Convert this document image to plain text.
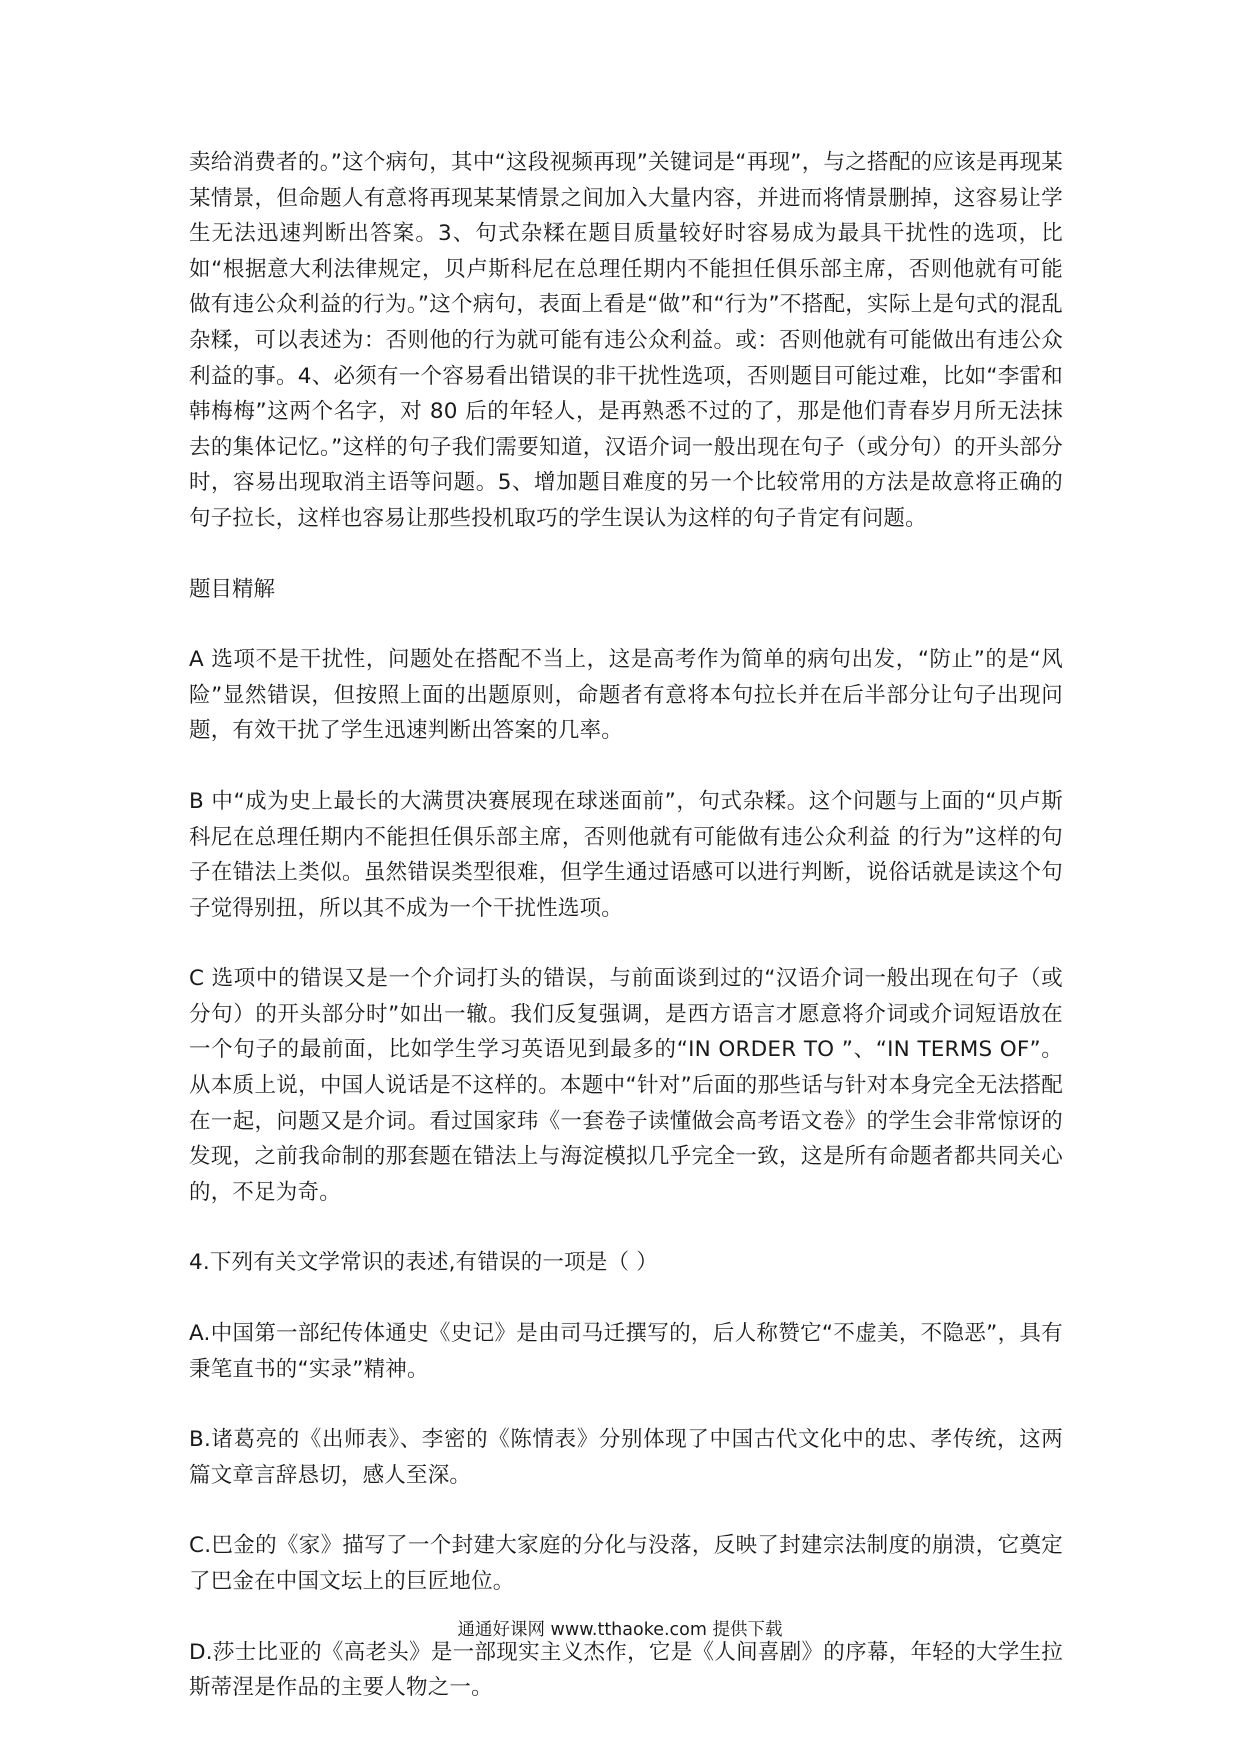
卖给消费者的。”这个病句，其中“这段视频再现”关键词是“再现”，与之搭配的应该是再现某某情景，但命题人有意将再现某某情景之间加入大量内容，并进而将情景删掉，这容易让学生无法迅速判断出答案。3、句式杂糅在题目质量较好时容易成为最具干扰性的选项，比如“根据意大利法律规定，贝卢斯科尼在总理任期内不能担任俱乐部主席，否则他就有可能做有违公众利益的行为。”这个病句，表面上看是“做”和“行为”不搭配，实际上是句式的混乱杂糅，可以表述为：否则他的行为就可能有违公众利益。或：否则他就有可能做出有违公众利益的事。4、必须有一个容易看出错误的非干扰性选项，否则题目可能过难，比如“李雷和韩梅梅”这两个名字，对 80 后的年轻人，是再熟悉不过的了，那是他们青春岁月所无法抹去的集体记忆。”这样的句子我们需要知道，汉语介词一般出现在句子（或分句）的开头部分时，容易出现取消主语等问题。5、增加题目难度的另一个比较常用的方法是故意将正确的句子拉长，这样也容易让那些投机取巧的学生误认为这样的句子肯定有问题。

题目精解

A 选项不是干扰性，问题处在搭配不当上，这是高考作为简单的病句出发，“防止”的是“风险”显然错误，但按照上面的出题原则，命题者有意将本句拉长并在后半部分让句子出现问题，有效干扰了学生迅速判断出答案的几率。

B 中“成为史上最长的大满贯决赛展现在球迷面前”，句式杂糅。这个问题与上面的“贝卢斯科尼在总理任期内不能担任俱乐部主席，否则他就有可能做有违公众利益 的行为”这样的句子在错法上类似。虽然错误类型很难，但学生通过语感可以进行判断，说俗话就是读这个句子觉得别扭，所以其不成为一个干扰性选项。

C 选项中的错误又是一个介词打头的错误，与前面谈到过的“汉语介词一般出现在句子（或分句）的开头部分时”如出一辙。我们反复强调，是西方语言才愿意将介词或介词短语放在一个句子的最前面，比如学生学习英语见到最多的“IN ORDER TO ”、“IN TERMS OF”。从本质上说，中国人说话是不这样的。本题中“针对”后面的那些话与针对本身完全无法搭配在一起，问题又是介词。看过国家玮《一套卷子读懂做会高考语文卷》的学生会非常惊讶的发现，之前我命制的那套题在错法上与海淀模拟几乎完全一致，这是所有命题者都共同关心的，不足为奇。

4.下列有关文学常识的表述,有错误的一项是（ ）

A.中国第一部纪传体通史《史记》是由司马迁撰写的，后人称赞它“不虚美，不隐恶”，具有秉笔直书的“实录”精神。

B.诸葛亮的《出师表》、李密的《陈情表》分别体现了中国古代文化中的忠、孝传统，这两篇文章言辞恳切，感人至深。

C.巴金的《家》描写了一个封建大家庭的分化与没落，反映了封建宗法制度的崩溃，它奠定了巴金在中国文坛上的巨匠地位。

D.莎士比亚的《高老头》是一部现实主义杰作，它是《人间喜剧》的序幕，年轻的大学生拉斯蒂涅是作品的主要人物之一。

通通好课网 www.tthaoke.com 提供下载
